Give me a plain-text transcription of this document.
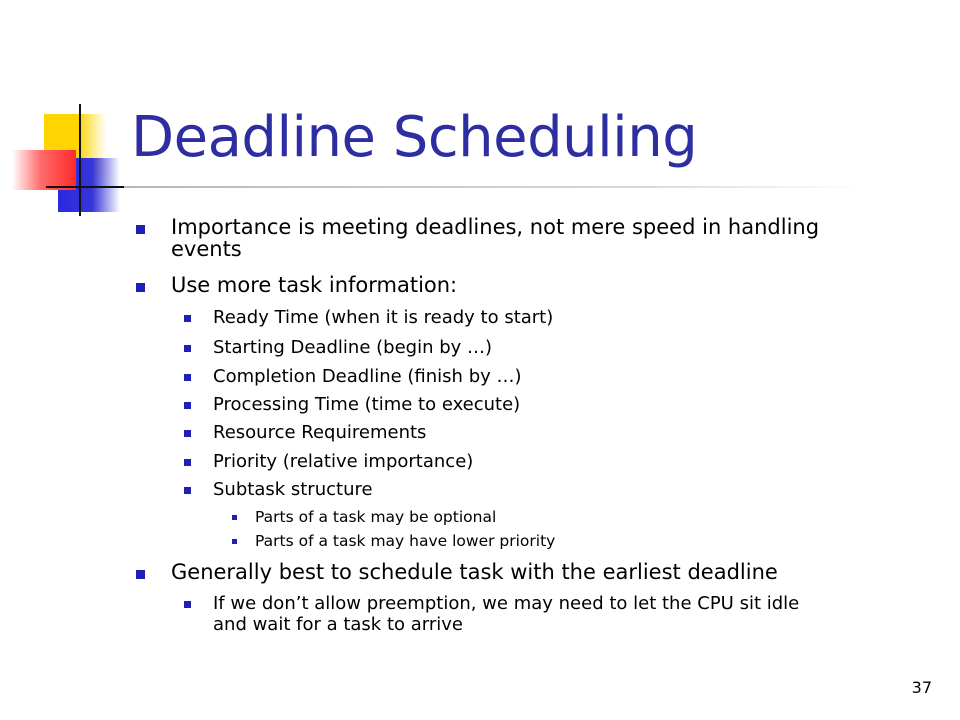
Deadline Scheduling
Importance is meeting deadlines, not mere speed in handling
events
Use more task information:
Ready Time (when it is ready to start)
Starting Deadline (begin by …)
Completion Deadline (finish by …)
Processing Time (time to execute)
Resource Requirements
Priority (relative importance)
Subtask structure
Parts of a task may be optional
Parts of a task may have lower priority
Generally best to schedule task with the earliest deadline
If we don’t allow preemption, we may need to let the CPU sit idle
and wait for a task to arrive
37
